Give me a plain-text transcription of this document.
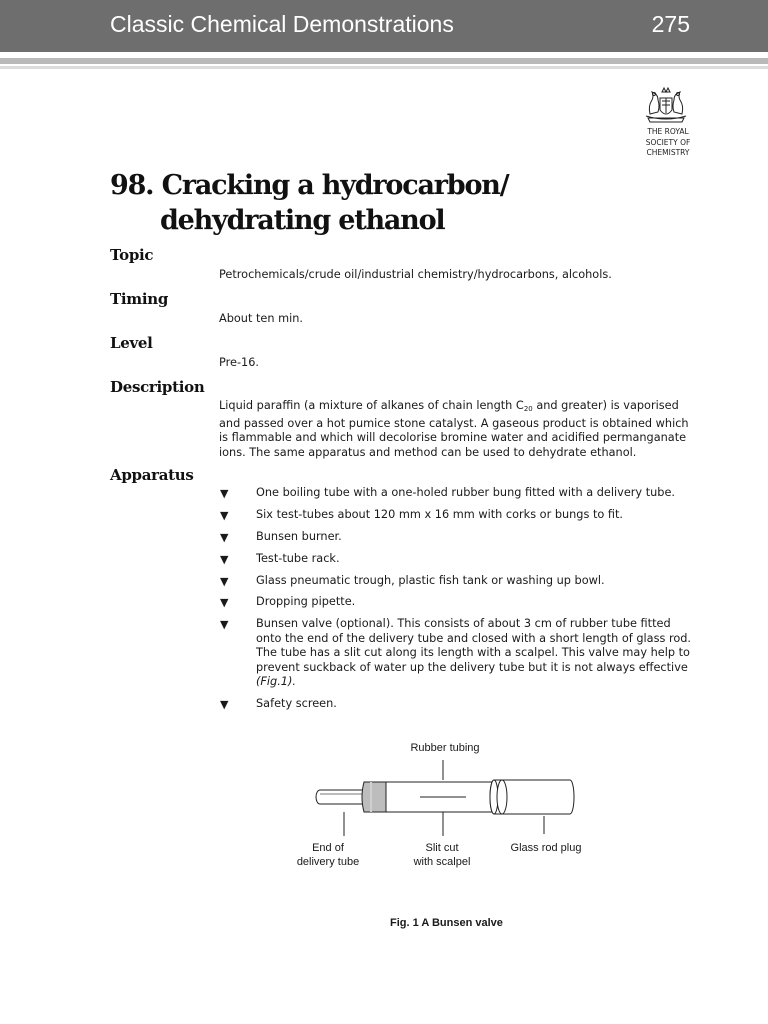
Classic Chemical Demonstrations	275
THE ROYAL
SOCIETY OF
CHEMISTRY
98. Cracking a hydrocarbon/
dehydrating ethanol
Topic
Petrochemicals/crude oil/industrial chemistry/hydrocarbons, alcohols.
Timing
About ten min.
Level
Pre-16.
Description
Liquid paraffin (a mixture of alkanes of chain length $C_{20}$ and greater) is vaporised and passed over a hot pumice stone catalyst. A gaseous product is obtained which is flammable and which will decolorise bromine water and acidified permanganate ions. The same apparatus and method can be used to dehydrate ethanol.
Apparatus
▼ One boiling tube with a one-holed rubber bung fitted with a delivery tube.
▼ Six test-tubes about 120 mm x 16 mm with corks or bungs to fit.
▼ Bunsen burner.
▼ Test-tube rack.
▼ Glass pneumatic trough, plastic fish tank or washing up bowl.
▼ Dropping pipette.
▼ Bunsen valve (optional). This consists of about 3 cm of rubber tube fitted onto the end of the delivery tube and closed with a short length of glass rod. The tube has a slit cut along its length with a scalpel. This valve may help to prevent suckback of water up the delivery tube but it is not always effective (Fig.1).
▼ Safety screen.
Rubber tubing
End of
delivery tube
Slit cut
with scalpel
Glass rod plug
Fig. 1 A Bunsen valve
